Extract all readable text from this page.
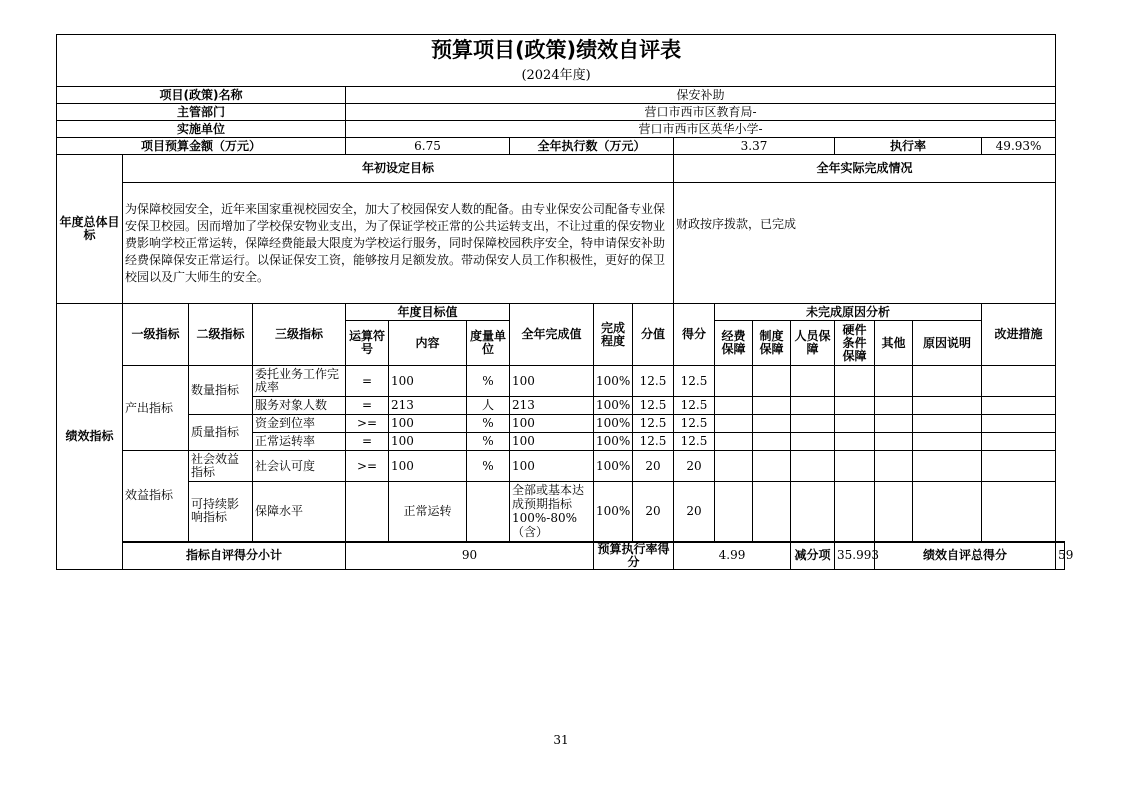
预算项目(政策)绩效自评表																		
(2024年度)																		
项目(政策)名称				保安补助														
主管部门				营口市西市区教育局-														
实施单位				营口市西市区英华小学-														
项目预算金额（万元）				6.75			全年执行数（万元）			3.37				执行率			49.93%	
年度总体目标	年初设定目标									全年实际完成情况								
	为保障校园安全，近年来国家重视校园安全，加大了校园保安人数的配备。由专业保安公司配备专业保安保卫校园。因而增加了学校保安物业支出，为了保证学校正常的公共运转支出，不让过重的保安物业费影响学校正常运转，保障经费能最大限度为学校运行服务，同时保障校园秩序安全，特申请保安补助经费保障保安正常运行。以保证保安工资，能够按月足额发放。带动保安人员工作积极性，更好的保卫校园以及广大师生的安全。									财政按序拨款，已完成								
绩效指标	一级指标	二级指标	三级指标	年度目标值			全年完成值	完成程度	分值	得分	未完成原因分析						改进措施	
				运算符号	内容	度量单位					经费保障	制度保障	人员保障	硬件条件保障	其他	原因说明		
	产出指标	数量指标	委托业务工作完成率	=	100	%	100	100%	12.5	12.5								
			服务对象人数	=	213	人	213	100%	12.5	12.5								
		质量指标	资金到位率	>=	100	%	100	100%	12.5	12.5								
			正常运转率	=	100	%	100	100%	12.5	12.5								
	效益指标	社会效益指标	社会认可度	>=	100	%	100	100%	20	20								
		可持续影响指标	保障水平		正常运转		全部或基本达成预期指标100%-80%（含）	100%	20	20								
	指标自评得分小计			90				预算执行率得分		4.99			减分项	35.993	绩效自评总得分			59
31
